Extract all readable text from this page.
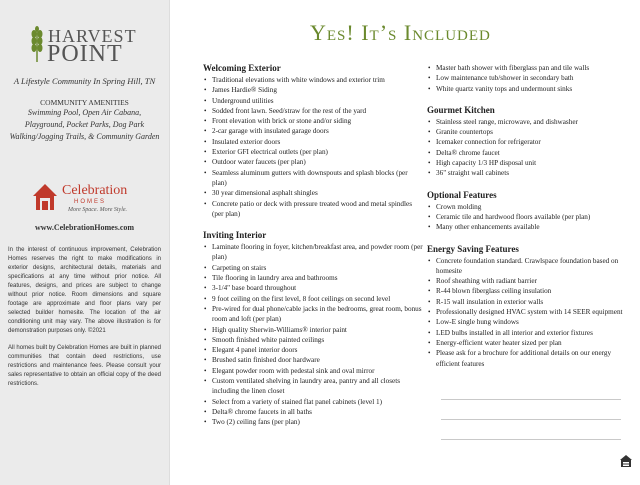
HARVEST
POINT
A Lifestyle Community In Spring Hill, TN
COMMUNITY AMENITIES
Swimming Pool, Open Air Cabana,
Playground, Pocket Parks, Dog Park
Walking/Jogging Trails, & Community Garden
Celebration
HOMES
More Space. More Style.
www.CelebrationHomes.com

In the interest of continuous improvement, Celebration Homes reserves the right to make modifications in exterior designs, architectural details, materials and specifications at any time without prior notice. All features, designs, and prices are subject to change without prior notice. Room dimensions and square footage are approximate and floor plans vary per selected builder homesite. The location of the air conditioning unit may vary. The above illustration is for demonstration purposes only. ©2021

All homes built by Celebration Homes are built in planned communities that contain deed restrictions, use restrictions and maintenance fees. Please consult your sales representative to obtain an official copy of the deed restrictions.

Yes! It’s Included
Welcoming Exterior
• Traditional elevations with white windows and exterior trim
• James Hardie® Siding
• Underground utilities
• Sodded front lawn. Seed/straw for the rest of the yard
• Front elevation with brick or stone and/or siding
• 2-car garage with insulated garage doors
• Insulated exterior doors
• Exterior GFI electrical outlets (per plan)
• Outdoor water faucets (per plan)
• Seamless aluminum gutters with downspouts and splash blocks (per plan)
• 30 year dimensional asphalt shingles
• Concrete patio or deck with pressure treated wood and metal spindles (per plan)
Inviting Interior
• Laminate flooring in foyer, kitchen/breakfast area, and powder room (per plan)
• Carpeting on stairs
• Tile flooring in laundry area and bathrooms
• 3-1/4" base board throughout
• 9 foot ceiling on the first level, 8 foot ceilings on second level
• Pre-wired for dual phone/cable jacks in the bedrooms, great room, bonus room and loft (per plan)
• High quality Sherwin-Williams® interior paint
• Smooth finished white painted ceilings
• Elegant 4 panel interior doors
• Brushed satin finished door hardware
• Elegant powder room with pedestal sink and oval mirror
• Custom ventilated shelving in laundry area, pantry and all closets including the linen closet
• Select from a variety of stained flat panel cabinets (level 1)
• Delta® chrome faucets in all baths
• Two (2) ceiling fans (per plan)
• Master bath shower with fiberglass pan and tile walls
• Low maintenance tub/shower in secondary bath
• White quartz vanity tops and undermount sinks
Gourmet Kitchen
• Stainless steel range, microwave, and dishwasher
• Granite countertops
• Icemaker connection for refrigerator
• Delta® chrome faucet
• High capacity 1/3 HP disposal unit
• 36" straight wall cabinets
Optional Features
• Crown molding
• Ceramic tile and hardwood floors available (per plan)
• Many other enhancements available
Energy Saving Features
• Concrete foundation standard. Crawlspace foundation based on homesite
• Roof sheathing with radiant barrier
• R-44 blown fiberglass ceiling insulation
• R-15 wall insulation in exterior walls
• Professionally designed HVAC system with 14 SEER equipment
• Low-E single hung windows
• LED bulbs installed in all interior and exterior fixtures
• Energy-efficient water heater sized per plan
• Please ask for a brochure for additional details on our energy efficient features
